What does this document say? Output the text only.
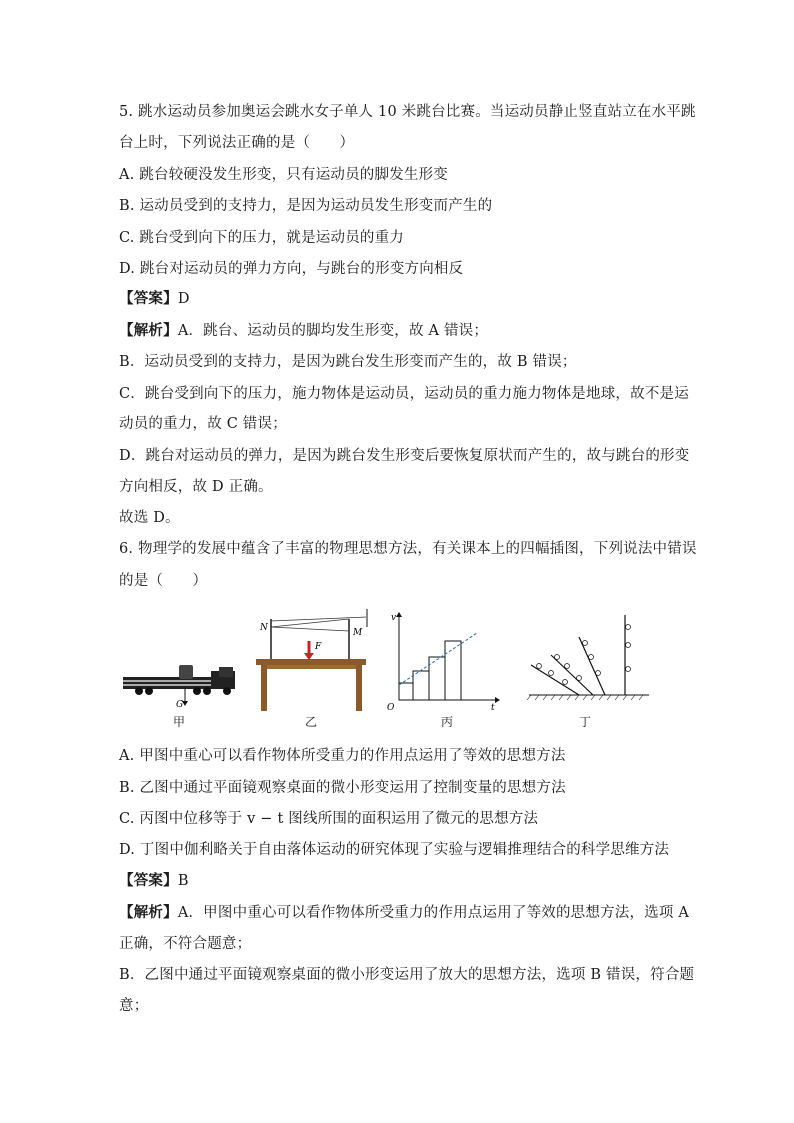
5. 跳水运动员参加奥运会跳水女子单人 10 米跳台比赛。当运动员静止竖直站立在水平跳
台上时，下列说法正确的是（　　）
A. 跳台较硬没发生形变，只有运动员的脚发生形变
B. 运动员受到的支持力，是因为运动员发生形变而产生的
C. 跳台受到向下的压力，就是运动员的重力
D. 跳台对运动员的弹力方向，与跳台的形变方向相反
【答案】D
【解析】A．跳台、运动员的脚均发生形变，故 A 错误；
B．运动员受到的支持力，是因为跳台发生形变而产生的，故 B 错误；
C．跳台受到向下的压力，施力物体是运动员，运动员的重力施力物体是地球，故不是运
动员的重力，故 C 错误；
D．跳台对运动员的弹力，是因为跳台发生形变后要恢复原状而产生的，故与跳台的形变
方向相反，故 D 正确。
故选 D。
6. 物理学的发展中蕴含了丰富的物理思想方法，有关课本上的四幅插图，下列说法中错误
的是（　　）
G
F
N	M
v
O	t
甲	乙	丙	丁
A. 甲图中重心可以看作物体所受重力的作用点运用了等效的思想方法
B. 乙图中通过平面镜观察桌面的微小形变运用了控制变量的思想方法
C. 丙图中位移等于 v − t 图线所围的面积运用了微元的思想方法
D. 丁图中伽利略关于自由落体运动的研究体现了实验与逻辑推理结合的科学思维方法
【答案】B
【解析】A．甲图中重心可以看作物体所受重力的作用点运用了等效的思想方法，选项 A
正确，不符合题意；
B．乙图中通过平面镜观察桌面的微小形变运用了放大的思想方法，选项 B 错误，符合题
意；
